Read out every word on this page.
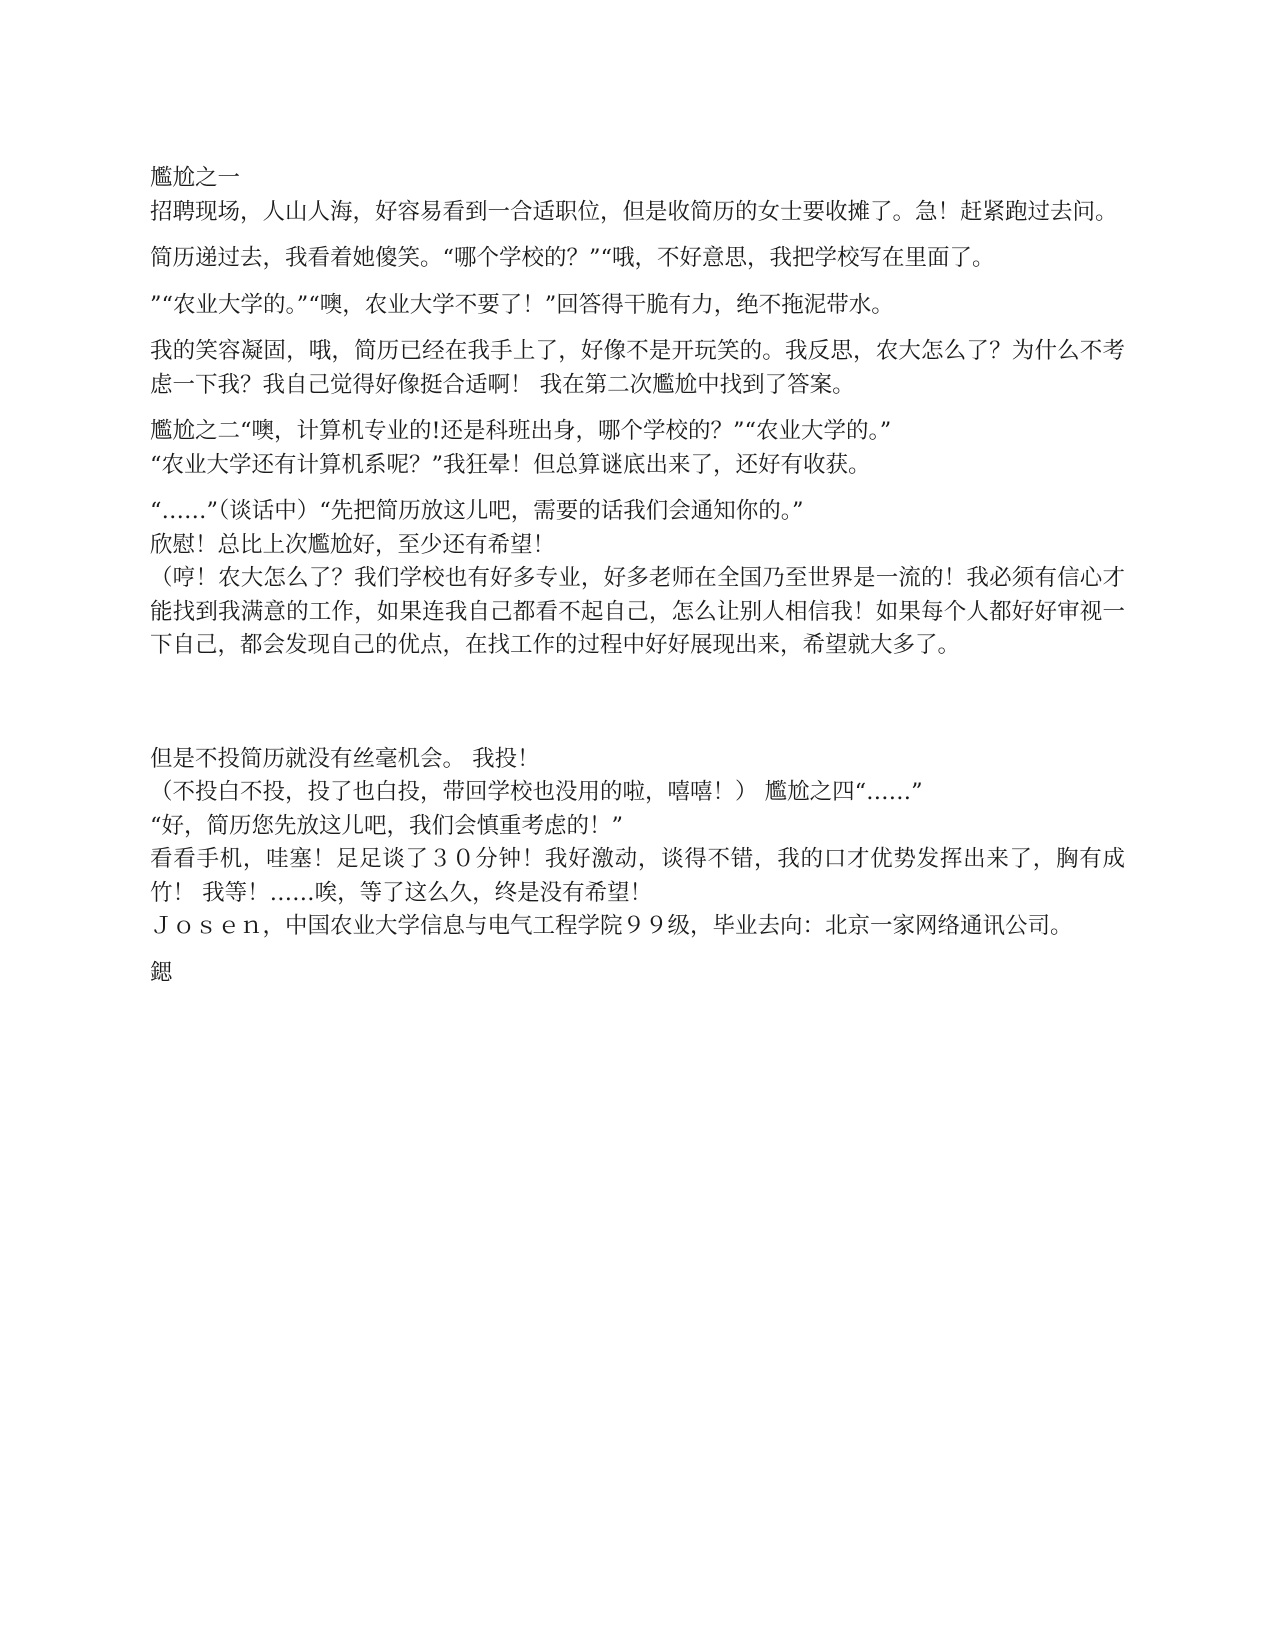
尷尬之一

招聘现场，人山人海，好容易看到一合适职位，但是收简历的女士要收摊了。急！赶紧跑过去问。

简历递过去，我看着她傻笑。“哪个学校的？”“哦，不好意思，我把学校写在里面了。

”“农业大学的。”“噢，农业大学不要了！”回答得干脆有力，绝不拖泥带水。

我的笑容凝固，哦，简历已经在我手上了，好像不是开玩笑的。我反思，农大怎么了？为什么不考虑一下我？我自己觉得好像挺合适啊！ 我在第二次尷尬中找到了答案。

尷尬之二“噢，计算机专业的!还是科班出身，哪个学校的？”“农业大学的。”

“农业大学还有计算机系呢？”我狂晕！但总算谜底出来了，还好有收获。

“……”（谈话中）“先把简历放这儿吧，需要的话我们会通知你的。”

欣慰！总比上次尷尬好，至少还有希望！

（哼！农大怎么了？我们学校也有好多专业，好多老师在全国乃至世界是一流的！我必须有信心才能找到我满意的工作，如果连我自己都看不起自己，怎么让别人相信我！如果每个人都好好审视一下自己，都会发现自己的优点，在找工作的过程中好好展现出来，希望就大多了。

但是不投简历就没有丝毫机会。 我投！

（不投白不投，投了也白投，带回学校也没用的啦，嘻嘻！） 尷尬之四“……”

“好，简历您先放这儿吧，我们会慎重考虑的！”

看看手机，哇塞！足足谈了３０分钟！我好激动，谈得不错，我的口才优势发挥出来了，胸有成竹！ 我等！……唉，等了这么久，终是没有希望！

Ｊｏｓｅｎ，中国农业大学信息与电气工程学院９９级，毕业去向：北京一家网络通讯公司。

鍶
